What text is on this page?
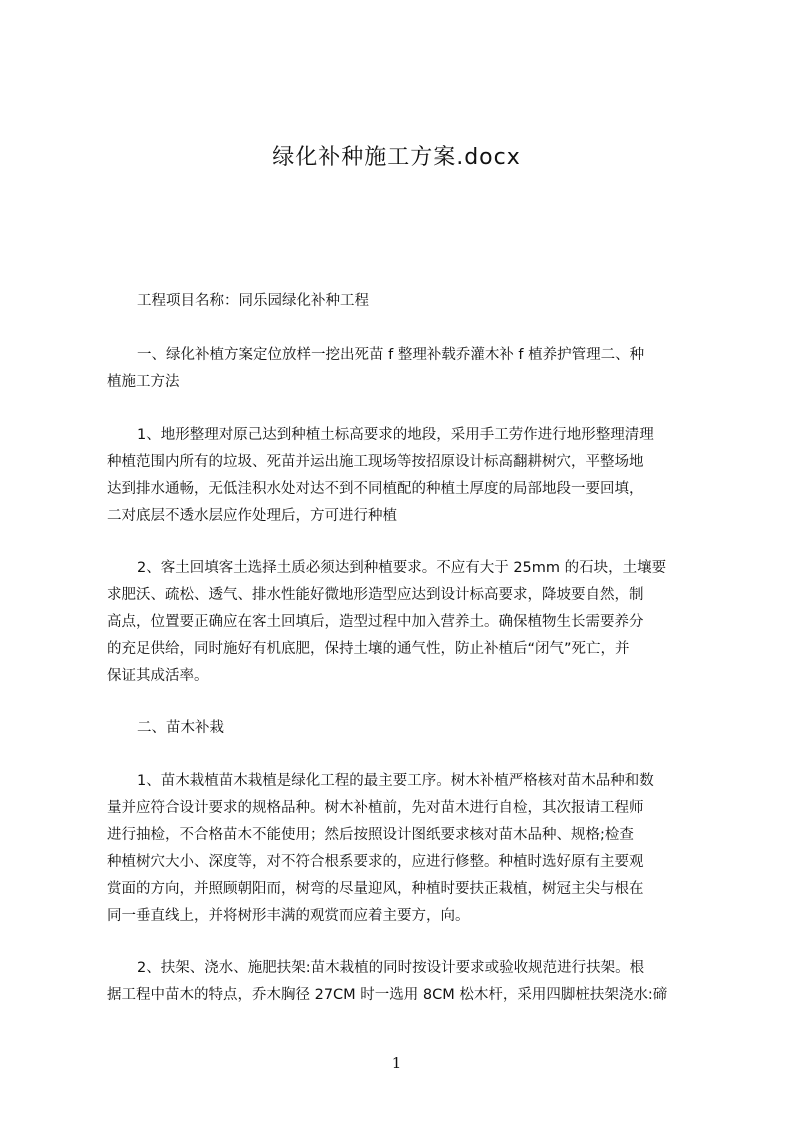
绿化补种施工方案.docx
工程项目名称：同乐园绿化补种工程
一、绿化补植方案定位放样一挖出死苗 f 整理补载乔灌木补 f 植养护管理二、种
植施工方法
1、地形整理对原己达到种植土标高要求的地段，采用手工劳作进行地形整理清理
种植范围内所有的垃圾、死苗并运出施工现场等按招原设计标高翻耕树穴，平整场地
达到排水通畅，无低洼积水处对达不到不同植配的种植土厚度的局部地段一要回填，
二对底层不透水层应作处理后，方可进行种植
2、客土回填客土选择土质必须达到种植要求。不应有大于 25mm 的石块，土壤要
求肥沃、疏松、透气、排水性能好微地形造型应达到设计标高要求，降坡要自然，制
高点，位置要正确应在客土回填后，造型过程中加入营养土。确保植物生长需要养分
的充足供给，同时施好有机底肥，保持土壤的通气性，防止补植后“闭气”死亡，并
保证其成活率。
二、苗木补栽
1、苗木栽植苗木栽植是绿化工程的最主要工序。树木补植严格核对苗木品种和数
量并应符合设计要求的规格品种。树木补植前，先对苗木进行自检，其次报请工程师
进行抽检，不合格苗木不能使用；然后按照设计图纸要求核对苗木品种、规格;检查
种植树穴大小、深度等，对不符合根系要求的，应进行修整。种植时选好原有主要观
赏面的方向，并照顾朝阳而，树弯的尽量迎风，种植时要扶正栽植，树冠主尖与根在
同一垂直线上，并将树形丰满的观赏而应着主要方，向。
2、扶架、浇水、施肥扶架:苗木栽植的同时按设计要求或验收规范进行扶架。根
据工程中苗木的特点，乔木胸径 27CM 时一选用 8CM 松木杆，采用四脚桩扶架浇水:碲
1
